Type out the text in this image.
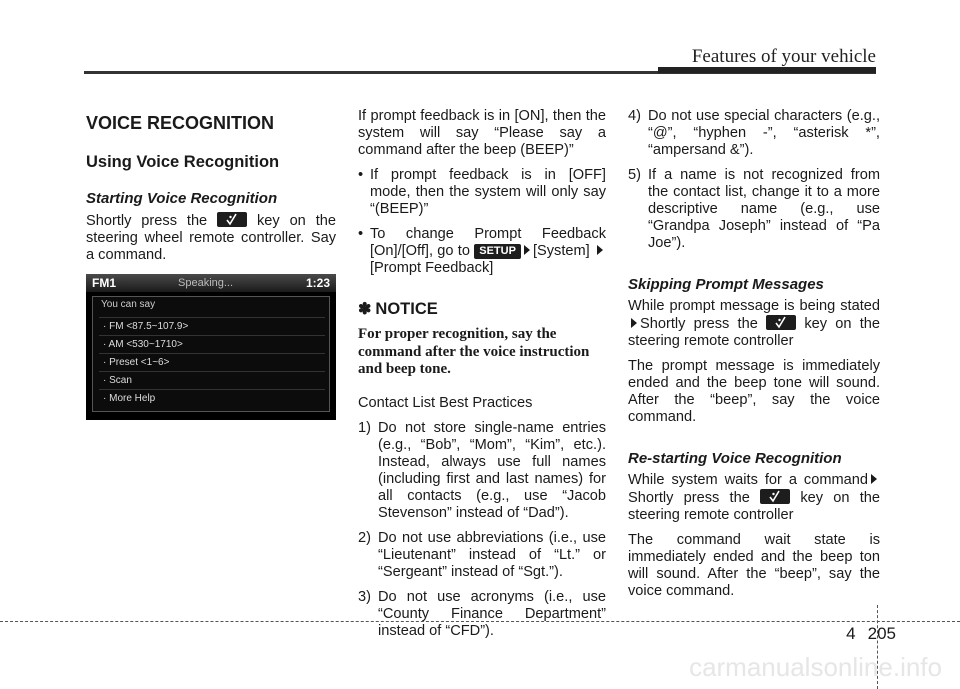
Features of your vehicle
VOICE RECOGNITION
Using Voice Recognition
Starting Voice Recognition
Shortly press the	key on the steering wheel remote controller. Say a command.
FM1	Speaking...	1:23
You can say
· FM <87.5~107.9>
· AM <530~1710>
· Preset <1~6>
· Scan
· More Help
If prompt feedback is in [ON], then the system will say “Please say a command after the beep (BEEP)”
• If prompt feedback is in [OFF] mode, then the system will only say “(BEEP)”
• To change Prompt Feedback [On]/[Off], go to SETUP [System] [Prompt Feedback]
✽ NOTICE
For proper recognition, say the command after the voice instruction and beep tone.
Contact List Best Practices
1) Do not store single-name entries (e.g., “Bob”, “Mom”, “Kim”, etc.). Instead, always use full names (including first and last names) for all contacts (e.g., use “Jacob Stevenson” instead of “Dad”).
2) Do not use abbreviations (i.e., use “Lieutenant” instead of “Lt.” or “Sergeant” instead of “Sgt.”).
3) Do not use acronyms (i.e., use “County Finance Department” instead of “CFD”).
4) Do not use special characters (e.g., “@”, “hyphen -”, “asterisk *”, “ampersand &”).
5) If a name is not recognized from the contact list, change it to a more descriptive name (e.g., use “Grandpa Joseph” instead of “Pa Joe”).
Skipping Prompt Messages
While prompt message is being statedShortly press the	key on the steering remote controller
The prompt message is immediately ended and the beep tone will sound. After the “beep”, say the voice command.
Re-starting Voice Recognition
While system waits for a command Shortly press the	key on the steering remote controller
The command wait state is immediately ended and the beep ton will sound. After the “beep”, say the voice command.
4 205
carmanualsonline.info
